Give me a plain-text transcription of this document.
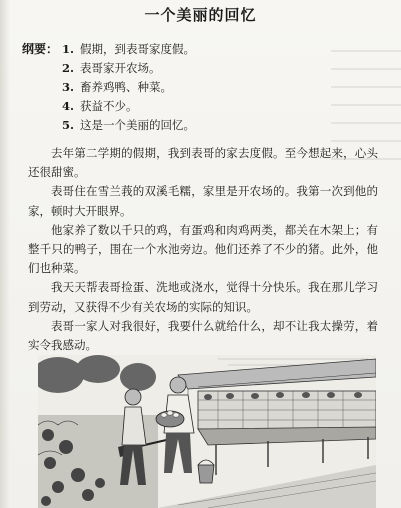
一个美丽的回忆
纲要： 1. 假期，到表哥家度假。
2. 表哥家开农场。
3. 畜养鸡鸭、种菜。
4. 获益不少。
5. 这是一个美丽的回忆。

去年第二学期的假期，我到表哥的家去度假。至今想起来，心头还很甜蜜。

表哥住在雪兰莪的双溪毛糯，家里是开农场的。我第一次到他的家，顿时大开眼界。

他家养了数以千只的鸡，有蛋鸡和肉鸡两类，都关在木架上；有整千只的鸭子，围在一个水池旁边。他们还养了不少的猪。此外，他们也种菜。

我天天帮表哥捡蛋、洗地或浇水，觉得十分快乐。我在那儿学习到劳动，又获得不少有关农场的实际的知识。

表哥一家人对我很好，我要什么就给什么，却不让我太操劳，着实令我感动。
